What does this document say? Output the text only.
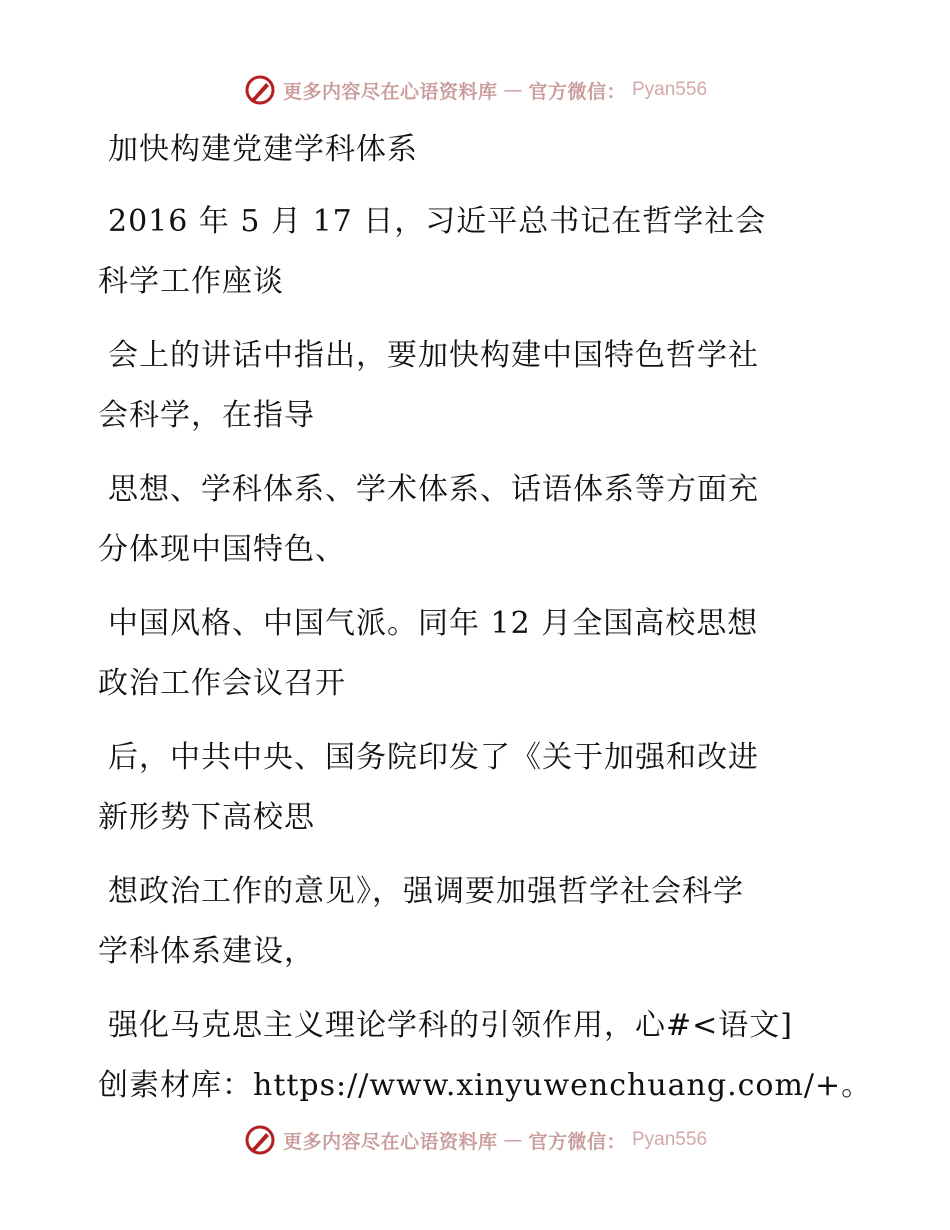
更多内容尽在心语资料库 — 官方微信： Pyan556
加快构建党建学科体系
2016 年 5 月 17 日，习近平总书记在哲学社会
科学工作座谈
会上的讲话中指出，要加快构建中国特色哲学社
会科学，在指导
思想、学科体系、学术体系、话语体系等方面充
分体现中国特色、
中国风格、中国气派。同年 12 月全国高校思想
政治工作会议召开
后，中共中央、国务院印发了《关于加强和改进
新形势下高校思
想政治工作的意见》，强调要加强哲学社会科学
学科体系建设，
强化马克思主义理论学科的引领作用，心#<语文]
创素材库：https://www.xinyuwenchuang.com/+。
更多内容尽在心语资料库 — 官方微信： Pyan556
